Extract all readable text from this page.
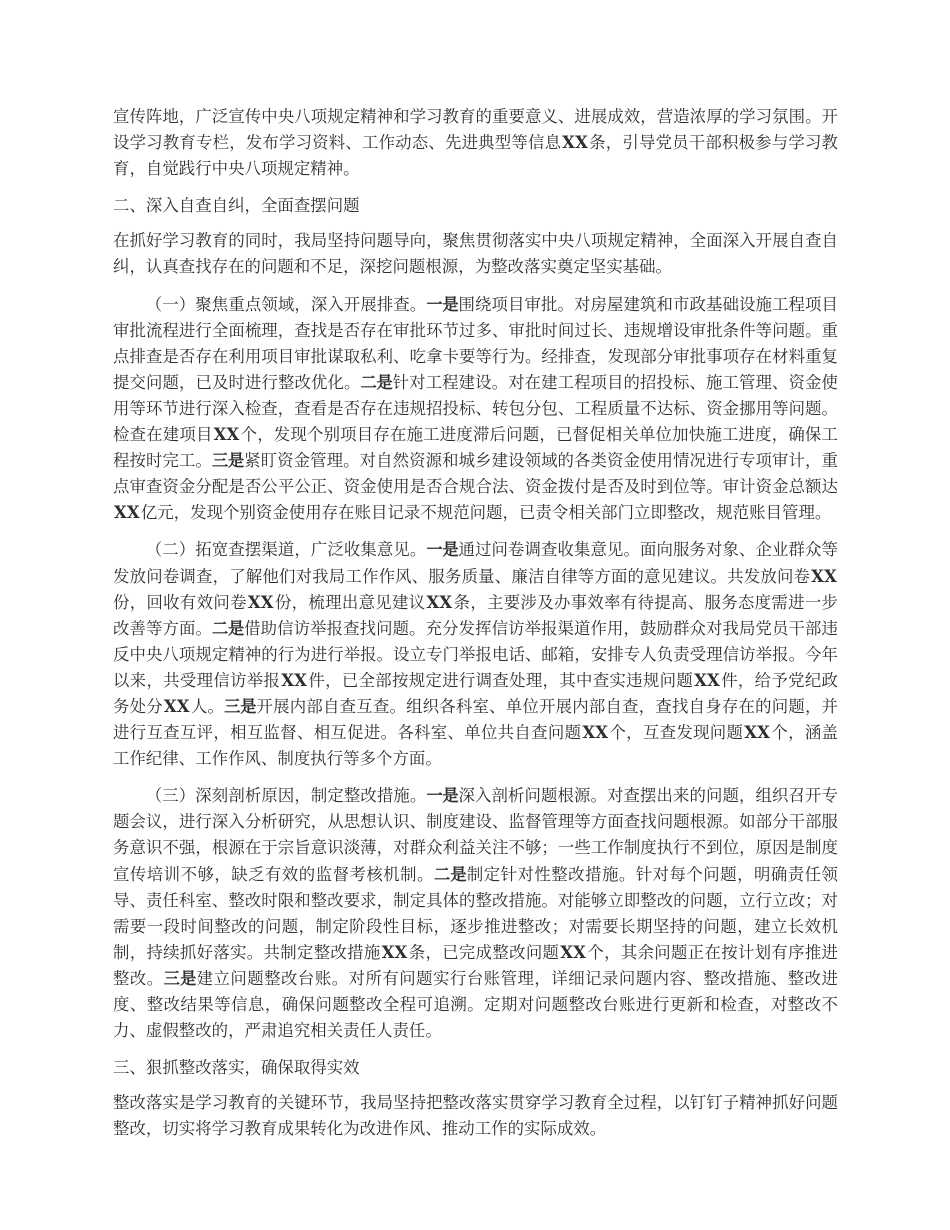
宣传阵地，广泛宣传中央八项规定精神和学习教育的重要意义、进展成效，营造浓厚的学习氛围。开设学习教育专栏，发布学习资料、工作动态、先进典型等信息XX条，引导党员干部积极参与学习教育，自觉践行中央八项规定精神。

二、深入自查自纠，全面查摆问题

在抓好学习教育的同时，我局坚持问题导向，聚焦贯彻落实中央八项规定精神，全面深入开展自查自纠，认真查找存在的问题和不足，深挖问题根源，为整改落实奠定坚实基础。

（一）聚焦重点领域，深入开展排查。一是围绕项目审批。对房屋建筑和市政基础设施工程项目审批流程进行全面梳理，查找是否存在审批环节过多、审批时间过长、违规增设审批条件等问题。重点排查是否存在利用项目审批谋取私利、吃拿卡要等行为。经排查，发现部分审批事项存在材料重复提交问题，已及时进行整改优化。二是针对工程建设。对在建工程项目的招投标、施工管理、资金使用等环节进行深入检查，查看是否存在违规招投标、转包分包、工程质量不达标、资金挪用等问题。检查在建项目XX个，发现个别项目存在施工进度滞后问题，已督促相关单位加快施工进度，确保工程按时完工。三是紧盯资金管理。对自然资源和城乡建设领域的各类资金使用情况进行专项审计，重点审查资金分配是否公平公正、资金使用是否合规合法、资金拨付是否及时到位等。审计资金总额达XX亿元，发现个别资金使用存在账目记录不规范问题，已责令相关部门立即整改，规范账目管理。

（二）拓宽查摆渠道，广泛收集意见。一是通过问卷调查收集意见。面向服务对象、企业群众等发放问卷调查，了解他们对我局工作作风、服务质量、廉洁自律等方面的意见建议。共发放问卷XX份，回收有效问卷XX份，梳理出意见建议XX条，主要涉及办事效率有待提高、服务态度需进一步改善等方面。二是借助信访举报查找问题。充分发挥信访举报渠道作用，鼓励群众对我局党员干部违反中央八项规定精神的行为进行举报。设立专门举报电话、邮箱，安排专人负责受理信访举报。今年以来，共受理信访举报XX件，已全部按规定进行调查处理，其中查实违规问题XX件，给予党纪政务处分XX人。三是开展内部自查互查。组织各科室、单位开展内部自查，查找自身存在的问题，并进行互查互评，相互监督、相互促进。各科室、单位共自查问题XX个，互查发现问题XX个，涵盖工作纪律、工作作风、制度执行等多个方面。

（三）深刻剖析原因，制定整改措施。一是深入剖析问题根源。对查摆出来的问题，组织召开专题会议，进行深入分析研究，从思想认识、制度建设、监督管理等方面查找问题根源。如部分干部服务意识不强，根源在于宗旨意识淡薄，对群众利益关注不够；一些工作制度执行不到位，原因是制度宣传培训不够，缺乏有效的监督考核机制。二是制定针对性整改措施。针对每个问题，明确责任领导、责任科室、整改时限和整改要求，制定具体的整改措施。对能够立即整改的问题，立行立改；对需要一段时间整改的问题，制定阶段性目标，逐步推进整改；对需要长期坚持的问题，建立长效机制，持续抓好落实。共制定整改措施XX条，已完成整改问题XX个，其余问题正在按计划有序推进整改。三是建立问题整改台账。对所有问题实行台账管理，详细记录问题内容、整改措施、整改进度、整改结果等信息，确保问题整改全程可追溯。定期对问题整改台账进行更新和检查，对整改不力、虚假整改的，严肃追究相关责任人责任。

三、狠抓整改落实，确保取得实效

整改落实是学习教育的关键环节，我局坚持把整改落实贯穿学习教育全过程，以钉钉子精神抓好问题整改，切实将学习教育成果转化为改进作风、推动工作的实际成效。
